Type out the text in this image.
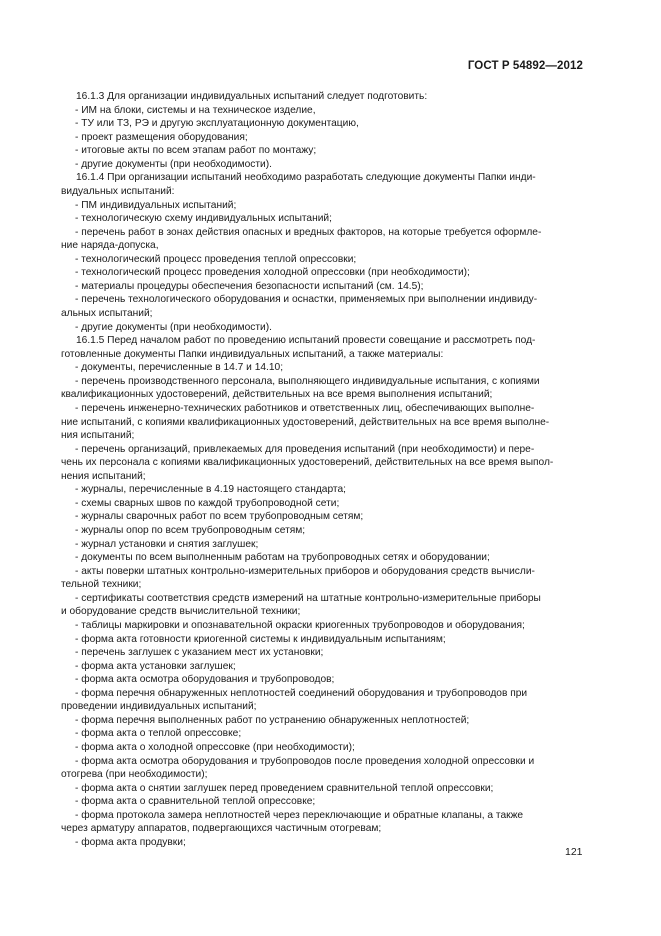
ГОСТ Р 54892—2012
16.1.3 Для организации индивидуальных испытаний следует подготовить:
- ИМ на блоки, системы и на техническое изделие,
- ТУ или ТЗ, РЭ и другую эксплуатационную документацию,
- проект размещения оборудования;
- итоговые акты по всем этапам работ по монтажу;
- другие документы (при необходимости).
16.1.4 При организации испытаний необходимо разработать следующие документы Папки инди-
видуальных испытаний:
- ПМ индивидуальных испытаний;
- технологическую схему индивидуальных испытаний;
- перечень работ в зонах действия опасных и вредных факторов, на которые требуется оформле-
ние наряда-допуска,
- технологический процесс проведения теплой опрессовки;
- технологический процесс проведения холодной опрессовки (при необходимости);
- материалы процедуры обеспечения безопасности испытаний (см. 14.5);
- перечень технологического оборудования и оснастки, применяемых при выполнении индивиду-
альных испытаний;
- другие документы (при необходимости).
16.1.5 Перед началом работ по проведению испытаний провести совещание и рассмотреть под-
готовленные документы Папки индивидуальных испытаний, а также материалы:
- документы, перечисленные в 14.7 и 14.10;
- перечень производственного персонала, выполняющего индивидуальные испытания, с копиями
квалификационных удостоверений, действительных на все время выполнения испытаний;
- перечень инженерно-технических работников и ответственных лиц, обеспечивающих выполне-
ние испытаний, с копиями квалификационных удостоверений, действительных на все время выполне-
ния испытаний;
- перечень организаций, привлекаемых для проведения испытаний (при необходимости) и пере-
чень их персонала с копиями квалификационных удостоверений, действительных на все время выпол-
нения испытаний;
- журналы, перечисленные в 4.19 настоящего стандарта;
- схемы сварных швов по каждой трубопроводной сети;
- журналы сварочных работ по всем трубопроводным сетям;
- журналы опор по всем трубопроводным сетям;
- журнал установки и снятия заглушек;
- документы по всем выполненным работам на трубопроводных сетях и оборудовании;
- акты поверки штатных контрольно-измерительных приборов и оборудования средств вычисли-
тельной техники;
- сертификаты соответствия средств измерений на штатные контрольно-измерительные приборы
и оборудование средств вычислительной техники;
- таблицы маркировки и опознавательной окраски криогенных трубопроводов и оборудования;
- форма акта готовности криогенной системы к индивидуальным испытаниям;
- перечень заглушек с указанием мест их установки;
- форма акта установки заглушек;
- форма акта осмотра оборудования и трубопроводов;
- форма перечня обнаруженных неплотностей соединений оборудования и трубопроводов при
проведении индивидуальных испытаний;
- форма перечня выполненных работ по устранению обнаруженных неплотностей;
- форма акта о теплой опрессовке;
- форма акта о холодной опрессовке (при необходимости);
- форма акта осмотра оборудования и трубопроводов после проведения холодной опрессовки и
отогрева (при необходимости);
- форма акта о снятии заглушек перед проведением сравнительной теплой опрессовки;
- форма акта о сравнительной теплой опрессовке;
- форма протокола замера неплотностей через переключающие и обратные клапаны, а также
через арматуру аппаратов, подвергающихся частичным отогревам;
- форма акта продувки;
121
